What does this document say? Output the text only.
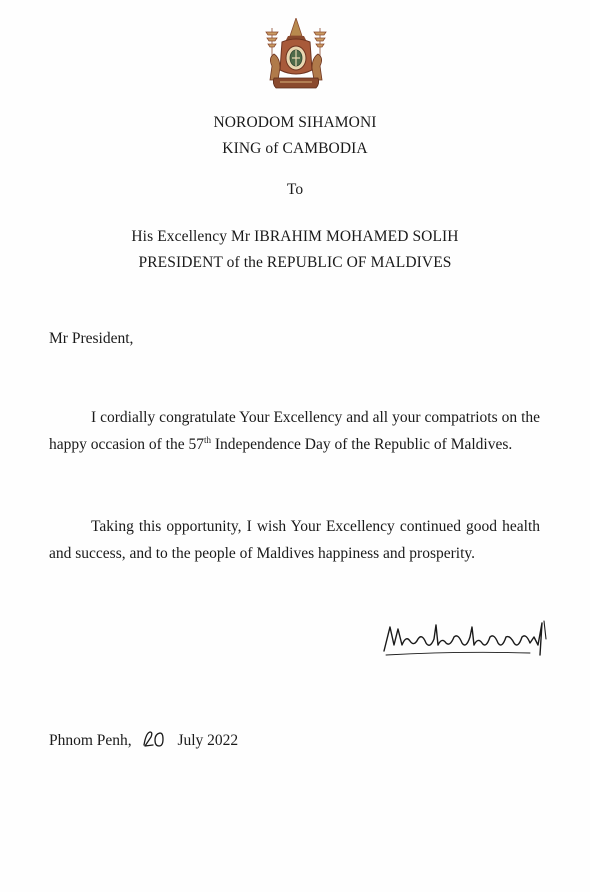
NORODOM SIHAMONI
KING of CAMBODIA
To
His Excellency Mr IBRAHIM MOHAMED SOLIH
PRESIDENT of the REPUBLIC OF MALDIVES
Mr President,

I cordially congratulate Your Excellency and all your compatriots on the happy occasion of the 57th Independence Day of the Republic of Maldives.

Taking this opportunity, I wish Your Excellency continued good health and success, and to the people of Maldives happiness and prosperity.

Phnom Penh,	July 2022
